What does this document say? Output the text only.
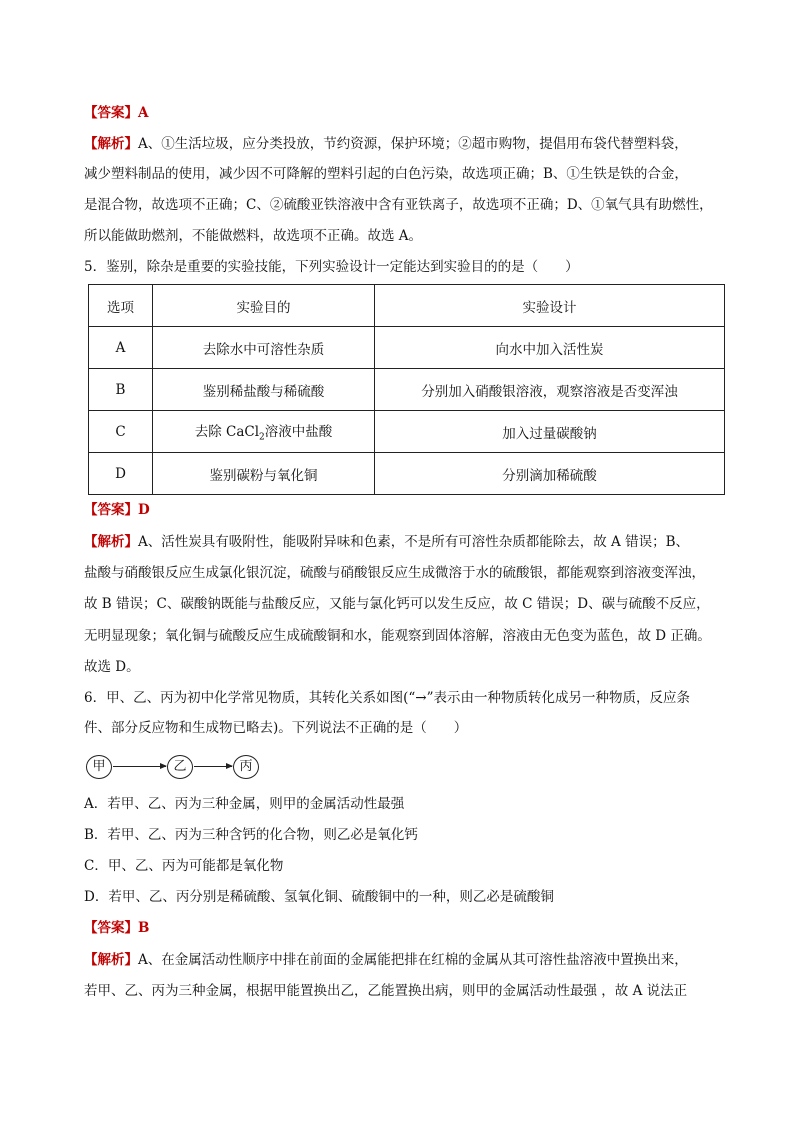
【答案】A
【解析】A、①生活垃圾，应分类投放，节约资源，保护环境；②超市购物，提倡用布袋代替塑料袋，
减少塑料制品的使用，减少因不可降解的塑料引起的白色污染，故选项正确；B、①生铁是铁的合金，
是混合物，故选项不正确；C、②硫酸亚铁溶液中含有亚铁离子，故选项不正确；D、①氧气具有助燃性，
所以能做助燃剂，不能做燃料，故选项不正确。故选 A。
5．鉴别，除杂是重要的实验技能，下列实验设计一定能达到实验目的的是（　　）
选项	实验目的	实验设计
A	去除水中可溶性杂质	向水中加入活性炭
B	鉴别稀盐酸与稀硫酸	分别加入硝酸银溶液，观察溶液是否变浑浊
C	去除 CaCl$_2$溶液中盐酸	加入过量碳酸钠
D	鉴别碳粉与氧化铜	分别滴加稀硫酸
【答案】D
【解析】A、活性炭具有吸附性，能吸附异味和色素，不是所有可溶性杂质都能除去，故 A 错误；B、
盐酸与硝酸银反应生成氯化银沉淀，硫酸与硝酸银反应生成微溶于水的硫酸银，都能观察到溶液变浑浊，
故 B 错误；C、碳酸钠既能与盐酸反应，又能与氯化钙可以发生反应，故 C 错误；D、碳与硫酸不反应，
无明显现象；氧化铜与硫酸反应生成硫酸铜和水，能观察到固体溶解，溶液由无色变为蓝色，故 D 正确。
故选 D。
6．甲、乙、丙为初中化学常见物质，其转化关系如图(“→”表示由一种物质转化成另一种物质，反应条
件、部分反应物和生成物已略去)。下列说法不正确的是（　　）
甲	乙	丙
A．若甲、乙、丙为三种金属，则甲的金属活动性最强
B．若甲、乙、丙为三种含钙的化合物，则乙必是氧化钙
C．甲、乙、丙为可能都是氧化物
D．若甲、乙、丙分别是稀硫酸、氢氧化铜、硫酸铜中的一种，则乙必是硫酸铜
【答案】B
【解析】A、在金属活动性顺序中排在前面的金属能把排在红棉的金属从其可溶性盐溶液中置换出来，
若甲、乙、丙为三种金属，根据甲能置换出乙，乙能置换出病，则甲的金属活动性最强 ，故 A 说法正
